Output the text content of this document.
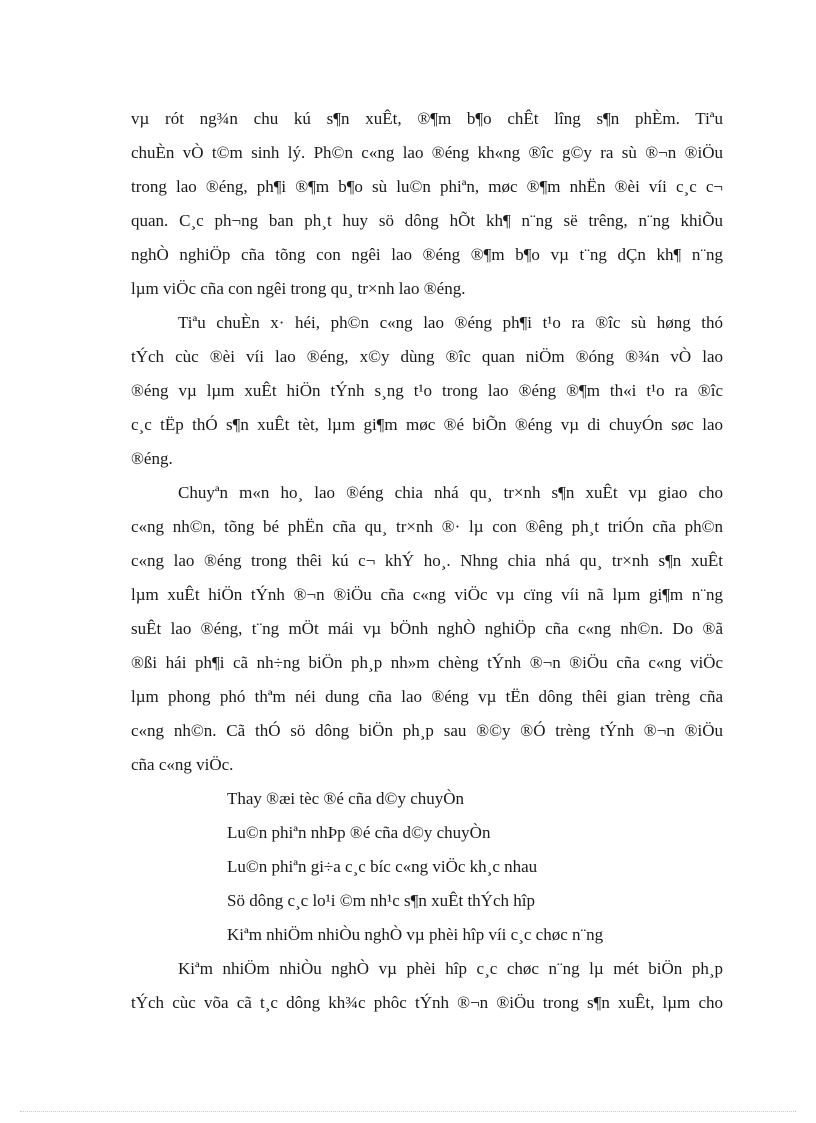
vµ rót ng¾n chu kú s¶n xuÊt, ®¶m b¶o chÊt lîng s¶n phÈm. Tiªu
chuÈn vÒ t©m sinh lý. Ph©n c«ng lao ®éng kh«ng ®îc g©y ra sù ®¬n ®iÖu
trong lao ®éng, ph¶i ®¶m b¶o sù lu©n phiªn, møc ®¶m nhËn ®èi víi c¸c c¬
quan. C¸c ph¬ng ban ph¸t huy sö dông hÕt kh¶ n¨ng së trêng, n¨ng khiÕu
nghÒ nghiÖp cña tõng con ngêi lao ®éng ®¶m b¶o vµ t¨ng dÇn kh¶ n¨ng
lµm viÖc cña con ngêi trong qu¸ tr×nh lao ®éng.
Tiªu chuÈn x· héi, ph©n c«ng lao ®éng ph¶i t¹o ra ®îc sù høng thó
tÝch cùc ®èi víi lao ®éng, x©y dùng ®îc quan niÖm ®óng ®¾n vÒ lao
®éng vµ lµm xuÊt hiÖn tÝnh s¸ng t¹o trong lao ®éng ®¶m th«i t¹o ra ®îc
c¸c tËp thÓ s¶n xuÊt tèt, lµm gi¶m møc ®é biÕn ®éng vµ di chuyÓn søc lao
®éng.
Chuyªn m«n ho¸ lao ®éng chia nhá qu¸ tr×nh s¶n xuÊt vµ giao cho
c«ng nh©n, tõng bé phËn cña qu¸ tr×nh ®· lµ con ®êng ph¸t triÓn cña ph©n
c«ng lao ®éng trong thêi kú c¬ khÝ ho¸. Nhng chia nhá qu¸ tr×nh s¶n xuÊt
lµm xuÊt hiÖn tÝnh ®¬n ®iÖu cña c«ng viÖc vµ cïng víi nã lµm gi¶m n¨ng
suÊt lao ®éng, t¨ng mÖt mái vµ bÖnh nghÒ nghiÖp cña c«ng nh©n. Do ®ã
®ßi hái ph¶i cã nh÷ng biÖn ph¸p nh»m chèng tÝnh ®¬n ®iÖu cña c«ng viÖc
lµm phong phó thªm néi dung cña lao ®éng vµ tËn dông thêi gian trèng cña
c«ng nh©n. Cã thÓ sö dông biÖn ph¸p sau ®©y ®Ó trèng tÝnh ®¬n ®iÖu
cña c«ng viÖc.
Thay ®æi tèc ®é cña d©y chuyÒn
Lu©n phiªn nhÞp ®é cña d©y chuyÒn
Lu©n phiªn gi÷a c¸c bíc c«ng viÖc kh¸c nhau
Sö dông c¸c lo¹i ©m nh¹c s¶n xuÊt thÝch hîp
Kiªm nhiÖm nhiÒu nghÒ vµ phèi hîp víi c¸c chøc n¨ng
Kiªm nhiÖm nhiÒu nghÒ vµ phèi hîp c¸c chøc n¨ng lµ mét biÖn ph¸p
tÝch cùc võa cã t¸c dông kh¾c phôc tÝnh ®¬n ®iÖu trong s¶n xuÊt, lµm cho
